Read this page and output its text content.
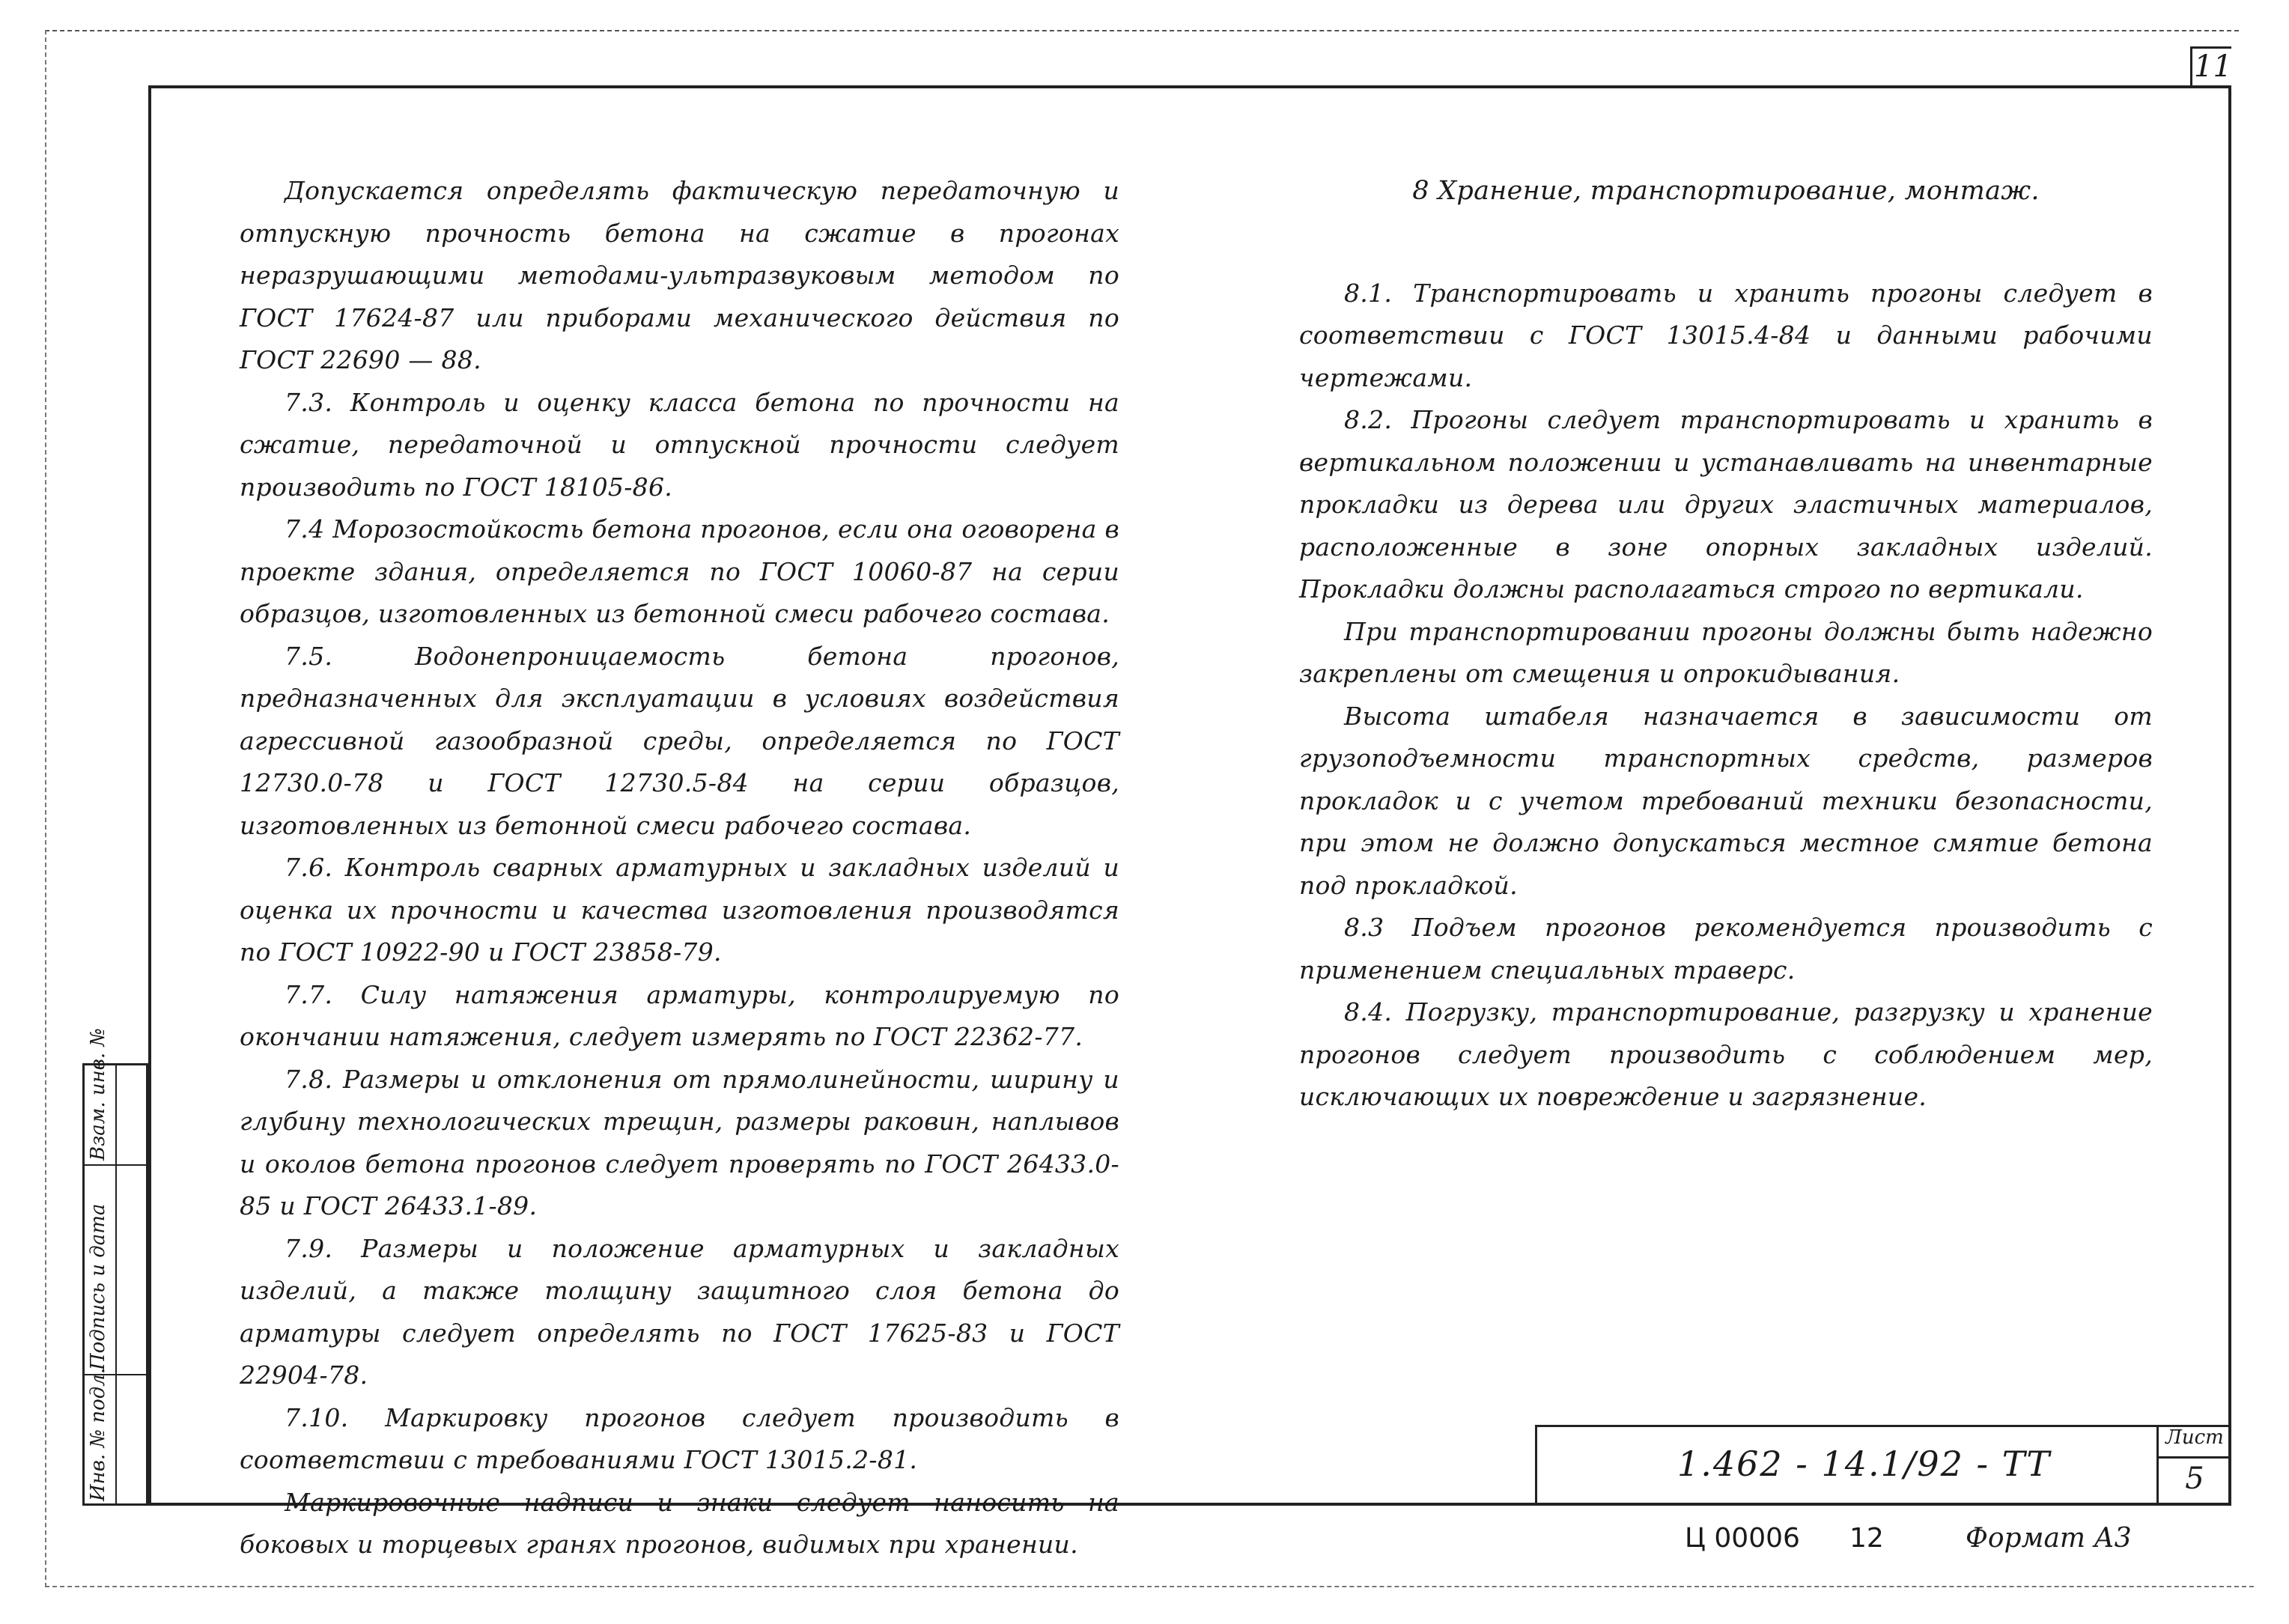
11
Инв. № подл.
Подпись и дата
Взам. инв. №

Допускается определять фактическую передаточную и отпускную прочность бетона на сжатие в прогонах неразрушающими методами-ультразвуковым методом по ГОСТ 17624-87 или приборами механического действия по ГОСТ 22690 — 88.

7.3. Контроль и оценку класса бетона по прочности на сжатие, передаточной и отпускной прочности следует производить по ГОСТ 18105-86.

7.4 Морозостойкость бетона прогонов, если она оговорена в проекте здания, определяется по ГОСТ 10060-87 на серии образцов, изготовленных из бетонной смеси рабочего состава.

7.5. Водонепроницаемость бетона прогонов, предназначенных для эксплуатации в условиях воздействия агрессивной газообразной среды, определяется по ГОСТ 12730.0-78 и ГОСТ 12730.5-84 на серии образцов, изготовленных из бетонной смеси рабочего состава.

7.6. Контроль сварных арматурных и закладных изделий и оценка их прочности и качества изготовления производятся по ГОСТ 10922-90 и ГОСТ 23858-79.

7.7. Силу натяжения арматуры, контролируемую по окончании натяжения, следует измерять по ГОСТ 22362-77.

7.8. Размеры и отклонения от прямолинейности, ширину и глубину технологических трещин, размеры раковин, наплывов и околов бетона прогонов следует проверять по ГОСТ 26433.0-85 и ГОСТ 26433.1-89.

7.9. Размеры и положение арматурных и закладных изделий, а также толщину защитного слоя бетона до арматуры следует определять по ГОСТ 17625-83 и ГОСТ 22904-78.

7.10. Маркировку прогонов следует производить в соответствии с требованиями ГОСТ 13015.2-81.

Маркировочные надписи и знаки следует наносить на боковых и торцевых гранях прогонов, видимых при хранении.

8 Хранение, транспортирование, монтаж.

8.1. Транспортировать и хранить прогоны следует в соответствии с ГОСТ 13015.4-84 и данными рабочими чертежами.

8.2. Прогоны следует транспортировать и хранить в вертикальном положении и устанавливать на инвентарные прокладки из дерева или других эластичных материалов, расположенные в зоне опорных закладных изделий. Прокладки должны располагаться строго по вертикали.

При транспортировании прогоны должны быть надежно закреплены от смещения и опрокидывания.

Высота штабеля назначается в зависимости от грузоподъемности транспортных средств, размеров прокладок и с учетом требований техники безопасности, при этом не должно допускаться местное смятие бетона под прокладкой.

8.3 Подъем прогонов рекомендуется производить с применением специальных траверс.

8.4. Погрузку, транспортирование, разгрузку и хранение прогонов следует производить с соблюдением мер, исключающих их повреждение и загрязнение.

1.462 - 14.1/92 - ТТ
Лист
5
Ц 00006 12	Формат А3
